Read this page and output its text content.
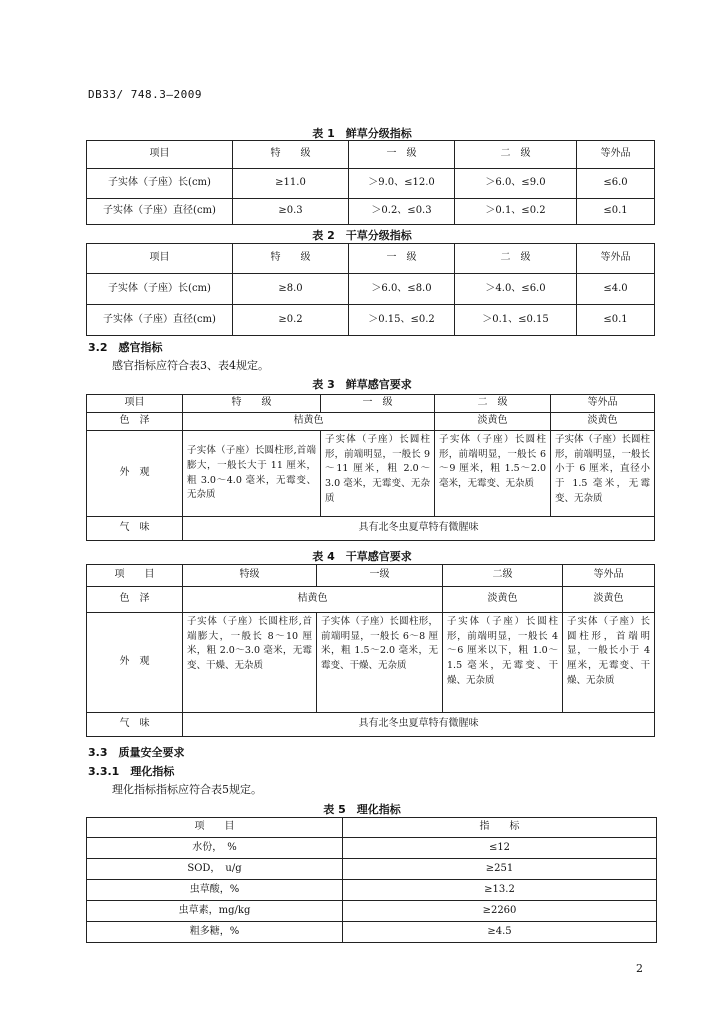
DB33/ 748.3—2009
表 1　鲜草分级指标
项目	特　　级	一　级	二　级	等外品
子实体（子座）长(cm)	≥11.0	＞9.0、≤12.0	＞6.0、≤9.0	≤6.0
子实体（子座）直径(cm)	≥0.3	＞0.2、≤0.3	＞0.1、≤0.2	≤0.1
表 2　干草分级指标
项目	特　　级	一　级	二　级	等外品
子实体（子座）长(cm)	≥8.0	＞6.0、≤8.0	＞4.0、≤6.0	≤4.0
子实体（子座）直径(cm)	≥0.2	＞0.15、≤0.2	＞0.1、≤0.15	≤0.1
3.2　感官指标
感官指标应符合表3、表4规定。
表 3　鲜草感官要求
项目	特　　级	一　级	二　级	等外品
色　泽	桔黄色		淡黄色	淡黄色
外　观	子实体（子座）长圆柱形,首端膨大，一般长大于 11 厘米，粗 3.0～4.0 毫米，无霉变、无杂质	子实体（子座）长圆柱形，前端明显，一般长 9～11 厘米，粗 2.0～3.0 毫米，无霉变、无杂质	子实体（子座）长圆柱形，前端明显，一般长 6～9 厘米，粗 1.5～2.0 毫米，无霉变、无杂质	子实体（子座）长圆柱形，前端明显，一般长小于 6 厘米，直径小于 1.5 毫米，无霉变、无杂质
气　味	具有北冬虫夏草特有微腥味			
表 4　干草感官要求
项　　目	特级	一级	二级	等外品
色　泽	桔黄色		淡黄色	淡黄色
外　观	子实体（子座）长圆柱形,首端膨大，一般长 8～10 厘米，粗 2.0～3.0 毫米，无霉变、干燥、无杂质	子实体（子座）长圆柱形，前端明显，一般长 6～8 厘米，粗 1.5～2.0 毫米，无霉变、干燥、无杂质	子实体（子座）长圆柱形，前端明显，一般长 4～6 厘米以下，粗 1.0～1.5 毫米，无霉变、干燥、无杂质	子实体（子座）长圆柱形，首端明显，一般长小于 4 厘米，无霉变、干燥、无杂质
气　味	具有北冬虫夏草特有微腥味			
3.3　质量安全要求
3.3.1　理化指标
理化指标指标应符合表5规定。
表 5　理化指标
项　　目	指　　标
水份，　%	≤12
SOD，　u/g	≥251
虫草酸，%	≥13.2
虫草素，mg/kg	≥2260
粗多糖，%	≥4.5
2
